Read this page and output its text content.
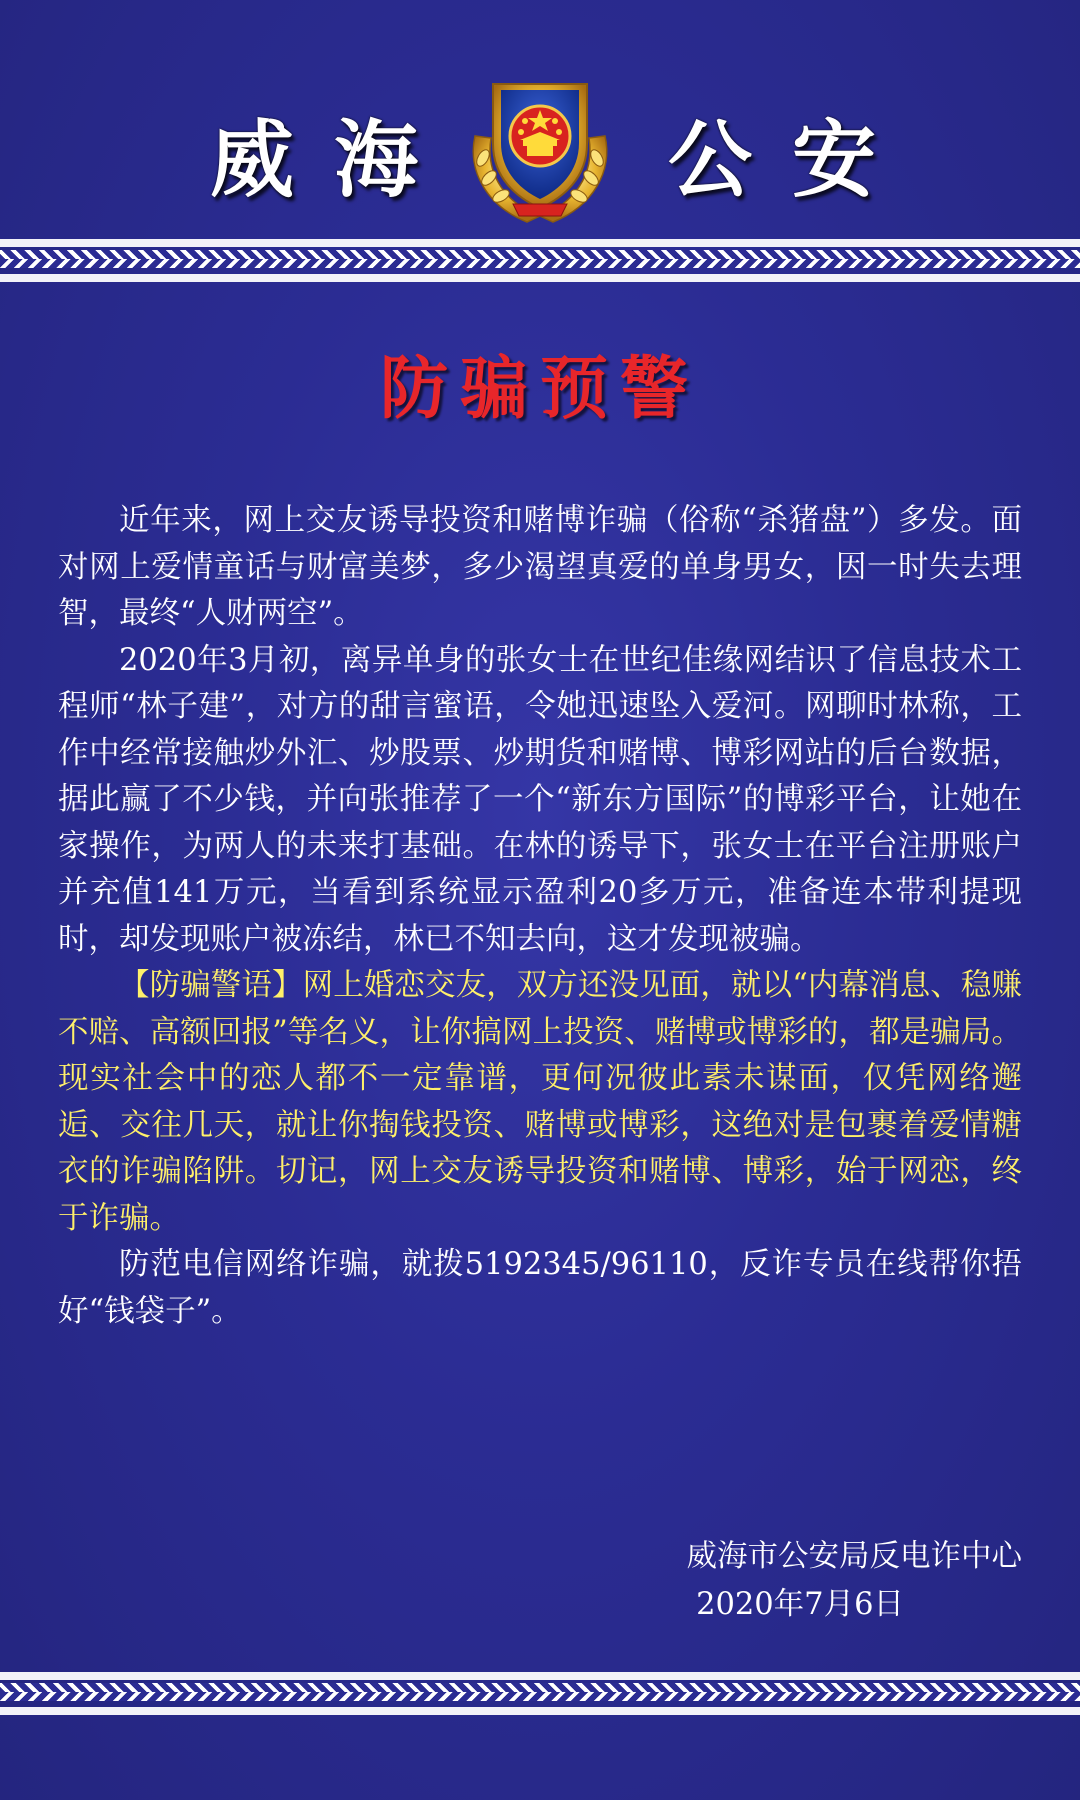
威海 公安
防骗预警

近年来，网上交友诱导投资和赌博诈骗（俗称“杀猪盘”）多发。面对网上爱情童话与财富美梦，多少渴望真爱的单身男女，因一时失去理智，最终“人财两空”。

2020年3月初，离异单身的张女士在世纪佳缘网结识了信息技术工程师“林子建”，对方的甜言蜜语，令她迅速坠入爱河。网聊时林称，工作中经常接触炒外汇、炒股票、炒期货和赌博、博彩网站的后台数据，据此赢了不少钱，并向张推荐了一个“新东方国际”的博彩平台，让她在家操作，为两人的未来打基础。在林的诱导下，张女士在平台注册账户并充值141万元，当看到系统显示盈利20多万元，准备连本带利提现时，却发现账户被冻结，林已不知去向，这才发现被骗。

【防骗警语】网上婚恋交友，双方还没见面，就以“内幕消息、稳赚不赔、高额回报”等名义，让你搞网上投资、赌博或博彩的，都是骗局。现实社会中的恋人都不一定靠谱，更何况彼此素未谋面，仅凭网络邂逅、交往几天，就让你掏钱投资、赌博或博彩，这绝对是包裹着爱情糖衣的诈骗陷阱。切记，网上交友诱导投资和赌博、博彩，始于网恋，终于诈骗。

防范电信网络诈骗，就拨5192345/96110，反诈专员在线帮你捂好“钱袋子”。

威海市公安局反电诈中心

2020年7月6日
